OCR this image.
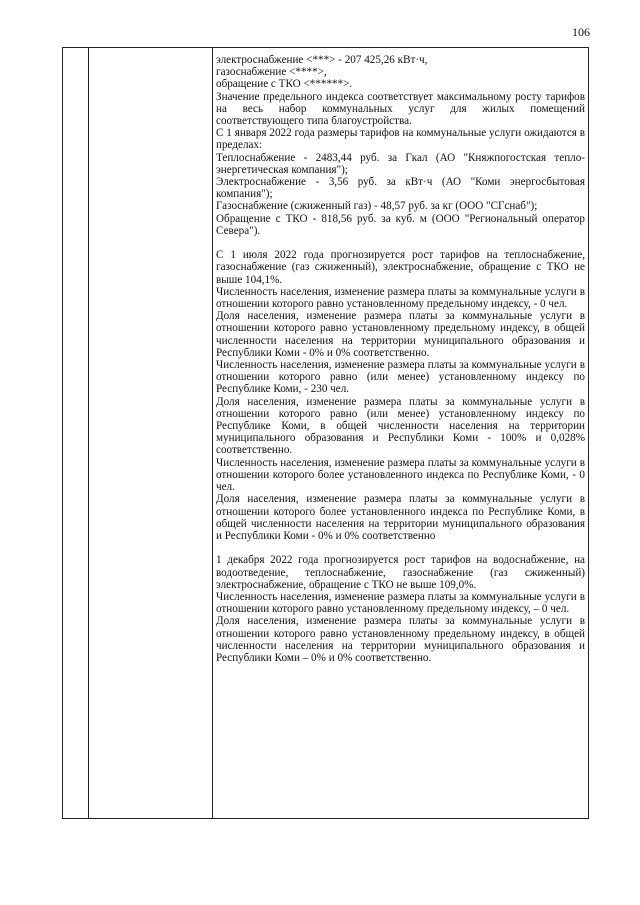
106

электроснабжение <***> - 207 425,26 кВт·ч,

газоснабжение <****>,

обращение с ТКО <******>.

Значение предельного индекса соответствует максимальному росту тарифов на весь набор коммунальных услуг для жилых помещений соответствующего типа благоустройства.

С 1 января 2022 года размеры тарифов на коммунальные услуги ожидаются в пределах:

Теплоснабжение - 2483,44 руб. за Гкал (АО "Княжпогостская тепло-энергетическая компания");

Электроснабжение - 3,56 руб. за кВт·ч (АО "Коми энергосбытовая компания");

Газоснабжение (сжиженный газ) - 48,57 руб. за кг (ООО "СГснаб");

Обращение с ТКО - 818,56 руб. за куб. м (ООО "Региональный оператор Севера").

С 1 июля 2022 года прогнозируется рост тарифов на теплоснабжение, газоснабжение (газ сжиженный), электроснабжение, обращение с ТКО не выше 104,1%.

Численность населения, изменение размера платы за коммунальные услуги в отношении которого равно установленному предельному индексу, - 0 чел.

Доля населения, изменение размера платы за коммунальные услуги в отношении которого равно установленному предельному индексу, в общей численности населения на территории муниципального образования и Республики Коми - 0% и 0% соответственно.

Численность населения, изменение размера платы за коммунальные услуги в отношении которого равно (или менее) установленному индексу по Республике Коми, - 230 чел.

Доля населения, изменение размера платы за коммунальные услуги в отношении которого равно (или менее) установленному индексу по Республике Коми, в общей численности населения на территории муниципального образования и Республики Коми - 100% и 0,028% соответственно.

Численность населения, изменение размера платы за коммунальные услуги в отношении которого более установленного индекса по Республике Коми, - 0 чел.

Доля населения, изменение размера платы за коммунальные услуги в отношении которого более установленного индекса по Республике Коми, в общей численности населения на территории муниципального образования и Республики Коми - 0% и 0% соответственно

1 декабря 2022 года прогнозируется рост тарифов на водоснабжение, на водоотведение, теплоснабжение, газоснабжение (газ сжиженный) электроснабжение, обращение с ТКО не выше 109,0%.

Численность населения, изменение размера платы за коммунальные услуги в отношении которого равно установленному предельному индексу, – 0 чел.

Доля населения, изменение размера платы за коммунальные услуги в отношении которого равно установленному предельному индексу, в общей численности населения на территории муниципального образования и Республики Коми – 0% и 0% соответственно.
